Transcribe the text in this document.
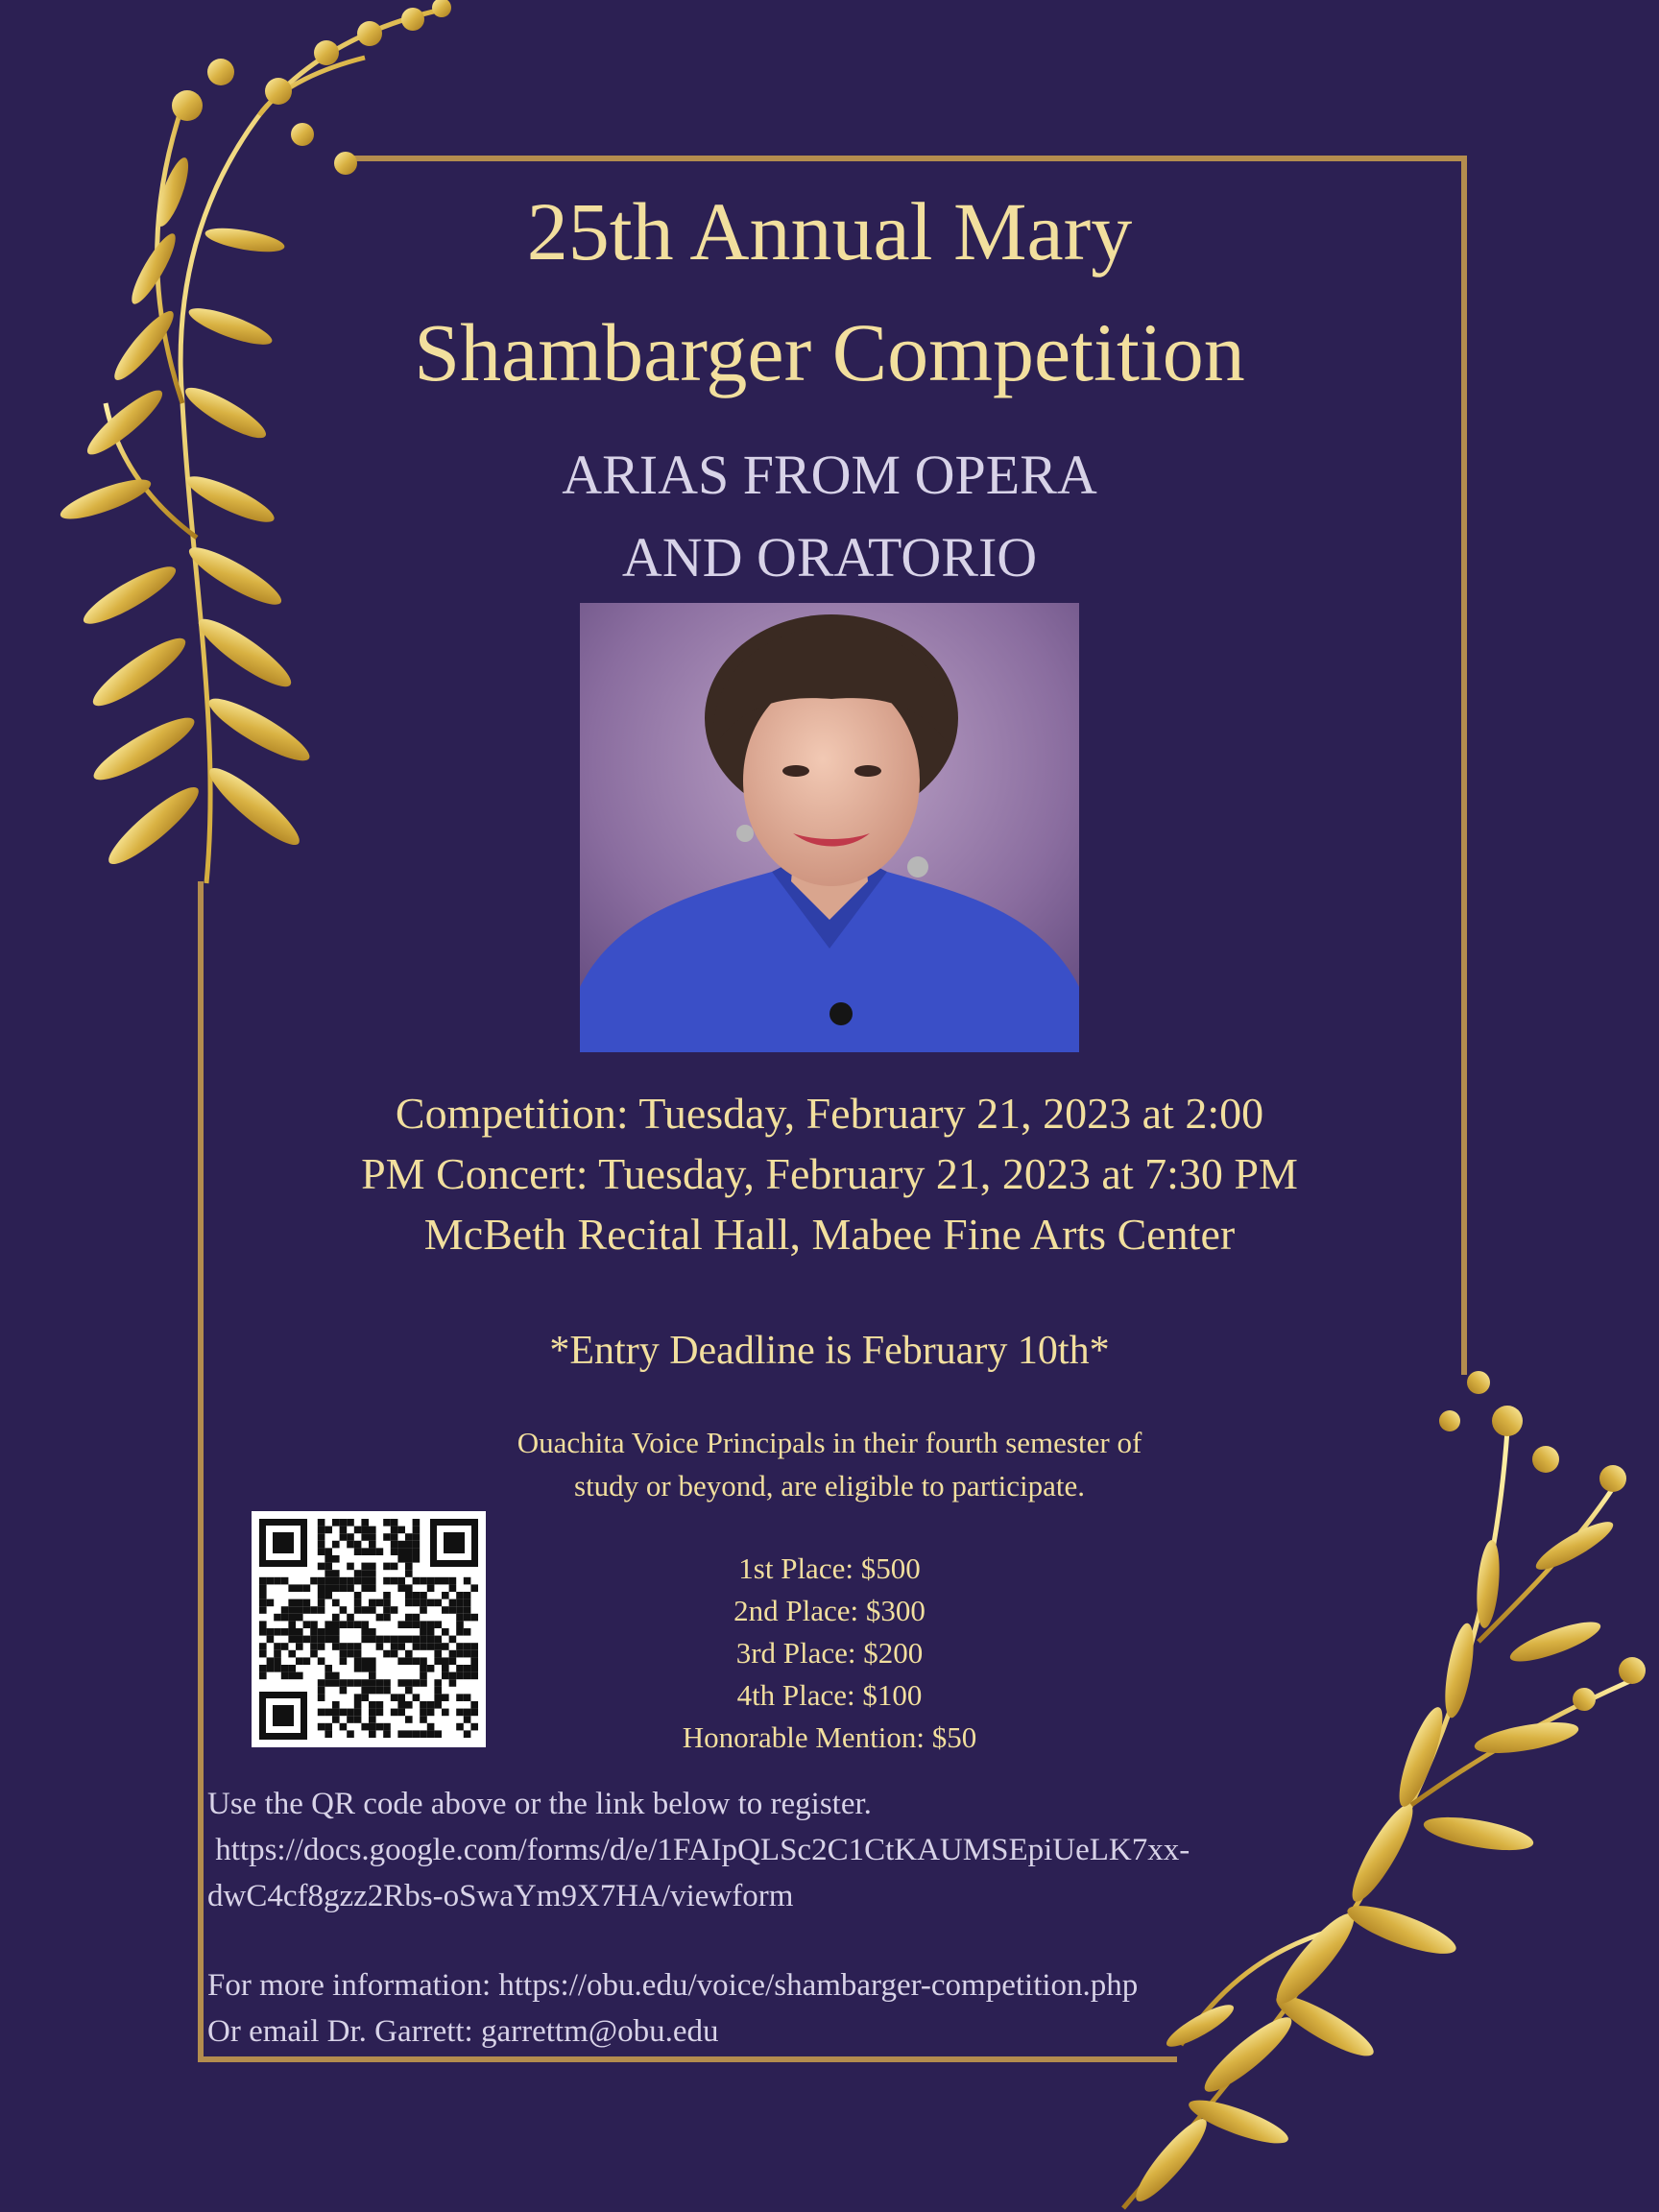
25th Annual Mary
Shambarger Competition
ARIAS FROM OPERA
AND ORATORIO
Competition: Tuesday, February 21, 2023 at 2:00
PM Concert: Tuesday, February 21, 2023 at 7:30 PM
McBeth Recital Hall, Mabee Fine Arts Center
*Entry Deadline is February 10th*
Ouachita Voice Principals in their fourth semester of
study or beyond, are eligible to participate.
1st Place: $500
2nd Place: $300
3rd Place: $200
4th Place: $100
Honorable Mention: $50
Use the QR code above or the link below to register.
https://docs.google.com/forms/d/e/1FAIpQLSc2C1CtKAUMSEpiUeLK7xx-
dwC4cf8gzz2Rbs-oSwaYm9X7HA/viewform
For more information: https://obu.edu/voice/shambarger-competition.php
Or email Dr. Garrett: garrettm@obu.edu
